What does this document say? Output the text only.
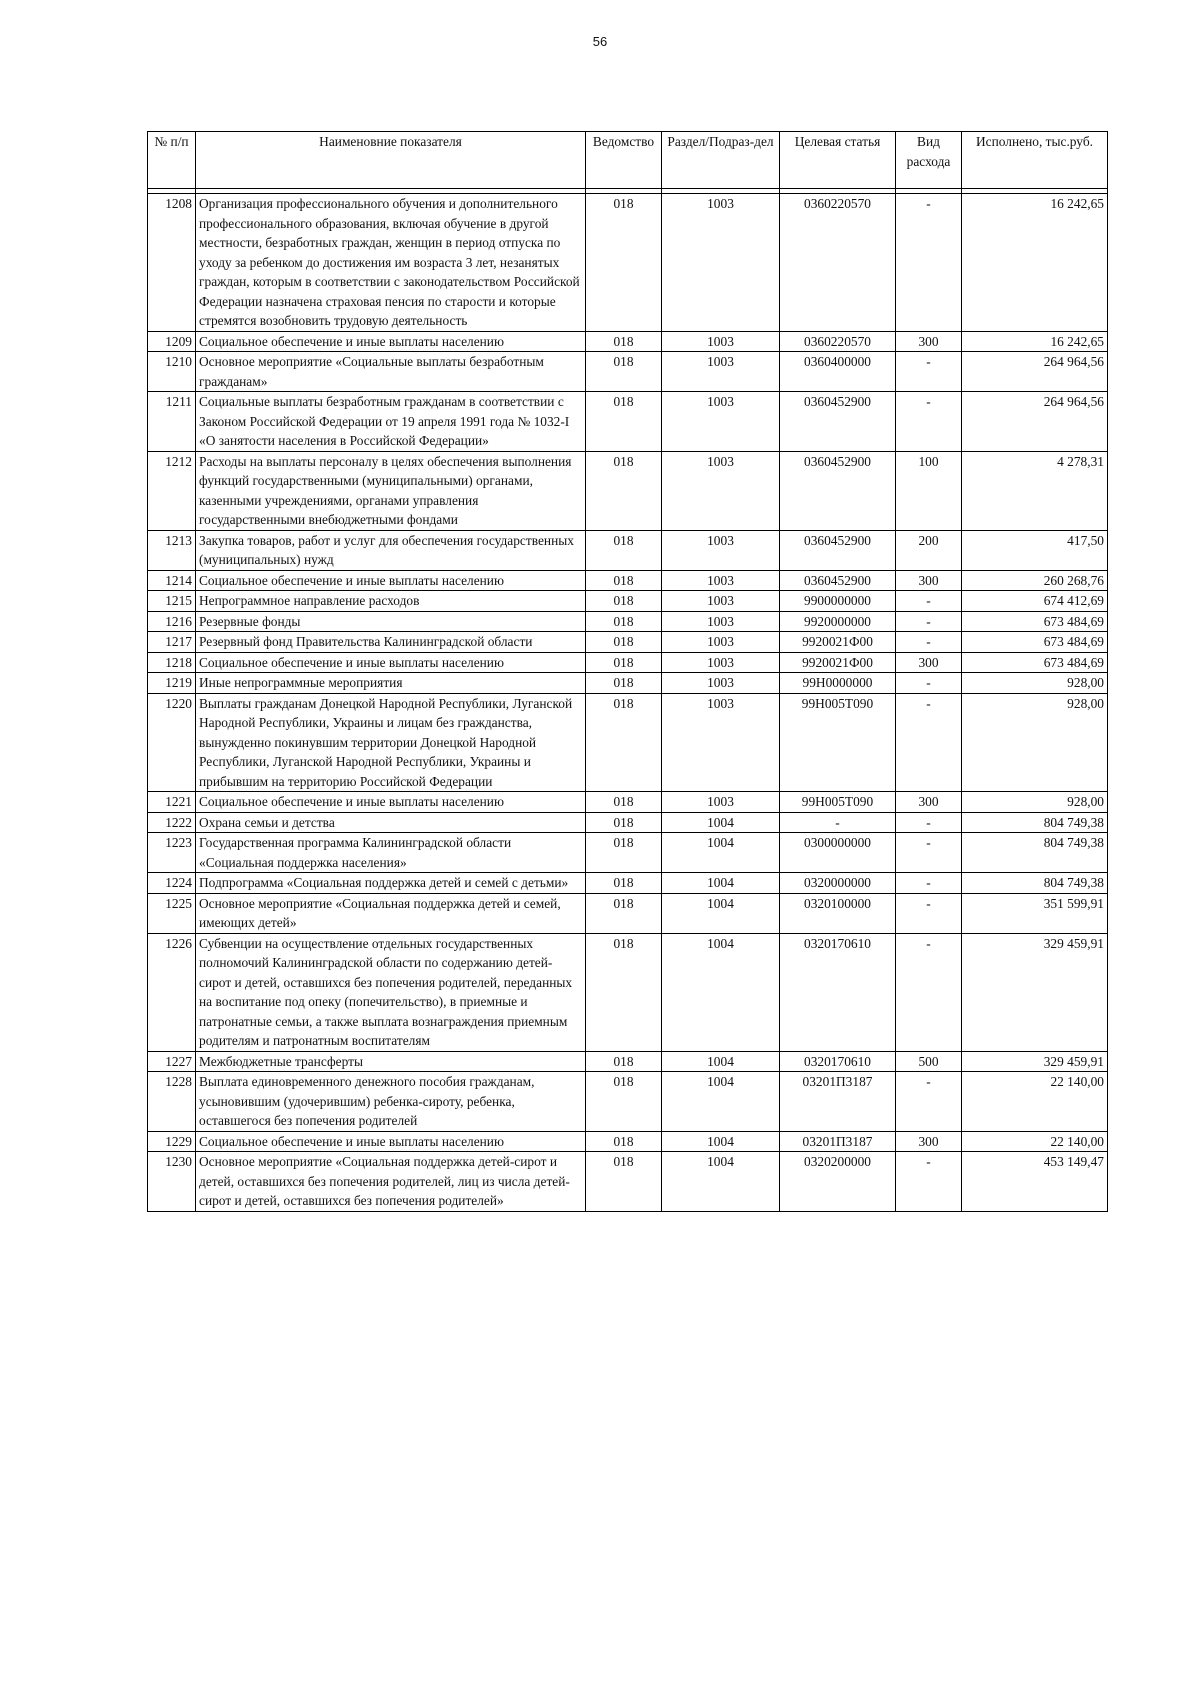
56
№ п/п	Наименовние показателя	Ведомство	Раздел/Подраз-дел	Целевая статья	Вид расхода	Исполнено, тыс.руб.

1208	Организация профессионального обучения и дополнительного профессионального образования, включая обучение в другой местности, безработных граждан, женщин в период отпуска по уходу за ребенком до достижения им возраста 3 лет, незанятых граждан, которым в соответствии с законодательством Российской Федерации назначена страховая пенсия по старости и которые стремятся возобновить трудовую деятельность	018	1003	0360220570	-	16 242,65
1209	Социальное обеспечение и иные выплаты населению	018	1003	0360220570	300	16 242,65
1210	Основное мероприятие «Социальные выплаты безработным гражданам»	018	1003	0360400000	-	264 964,56
1211	Социальные выплаты безработным гражданам в соответствии с Законом Российской Федерации от 19 апреля 1991 года № 1032-I «О занятости населения в Российской Федерации»	018	1003	0360452900	-	264 964,56
1212	Расходы на выплаты персоналу в целях обеспечения выполнения функций государственными (муниципальными) органами, казенными учреждениями, органами управления государственными внебюджетными фондами	018	1003	0360452900	100	4 278,31
1213	Закупка товаров, работ и услуг для обеспечения государственных (муниципальных) нужд	018	1003	0360452900	200	417,50
1214	Социальное обеспечение и иные выплаты населению	018	1003	0360452900	300	260 268,76
1215	Непрограммное направление расходов	018	1003	9900000000	-	674 412,69
1216	Резервные фонды	018	1003	9920000000	-	673 484,69
1217	Резервный фонд Правительства Калининградской области	018	1003	9920021Ф00	-	673 484,69
1218	Социальное обеспечение и иные выплаты населению	018	1003	9920021Ф00	300	673 484,69
1219	Иные непрограммные мероприятия	018	1003	99Н0000000	-	928,00
1220	Выплаты гражданам Донецкой Народной Республики, Луганской Народной Республики, Украины и лицам без гражданства, вынужденно покинувшим территории Донецкой Народной Республики, Луганской Народной Республики, Украины и прибывшим на территорию Российской Федерации	018	1003	99Н005Т090	-	928,00
1221	Социальное обеспечение и иные выплаты населению	018	1003	99Н005Т090	300	928,00
1222	Охрана семьи и детства	018	1004	-	-	804 749,38
1223	Государственная программа Калининградской области «Социальная поддержка населения»	018	1004	0300000000	-	804 749,38
1224	Подпрограмма «Социальная поддержка детей и семей с детьми»	018	1004	0320000000	-	804 749,38
1225	Основное мероприятие «Социальная поддержка детей и семей, имеющих детей»	018	1004	0320100000	-	351 599,91
1226	Субвенции на осуществление отдельных государственных полномочий Калининградской области по содержанию детей-сирот и детей, оставшихся без попечения родителей, переданных на воспитание под опеку (попечительство), в приемные и патронатные семьи, а также выплата вознаграждения приемным родителям и патронатным воспитателям	018	1004	0320170610	-	329 459,91
1227	Межбюджетные трансферты	018	1004	0320170610	500	329 459,91
1228	Выплата единовременного денежного пособия гражданам, усыновившим (удочерившим) ребенка-сироту, ребенка, оставшегося без попечения родителей	018	1004	03201П3187	-	22 140,00
1229	Социальное обеспечение и иные выплаты населению	018	1004	03201П3187	300	22 140,00
1230	Основное мероприятие «Социальная поддержка детей-сирот и детей, оставшихся без попечения родителей, лиц из числа детей-сирот и детей, оставшихся без попечения родителей»	018	1004	0320200000	-	453 149,47
